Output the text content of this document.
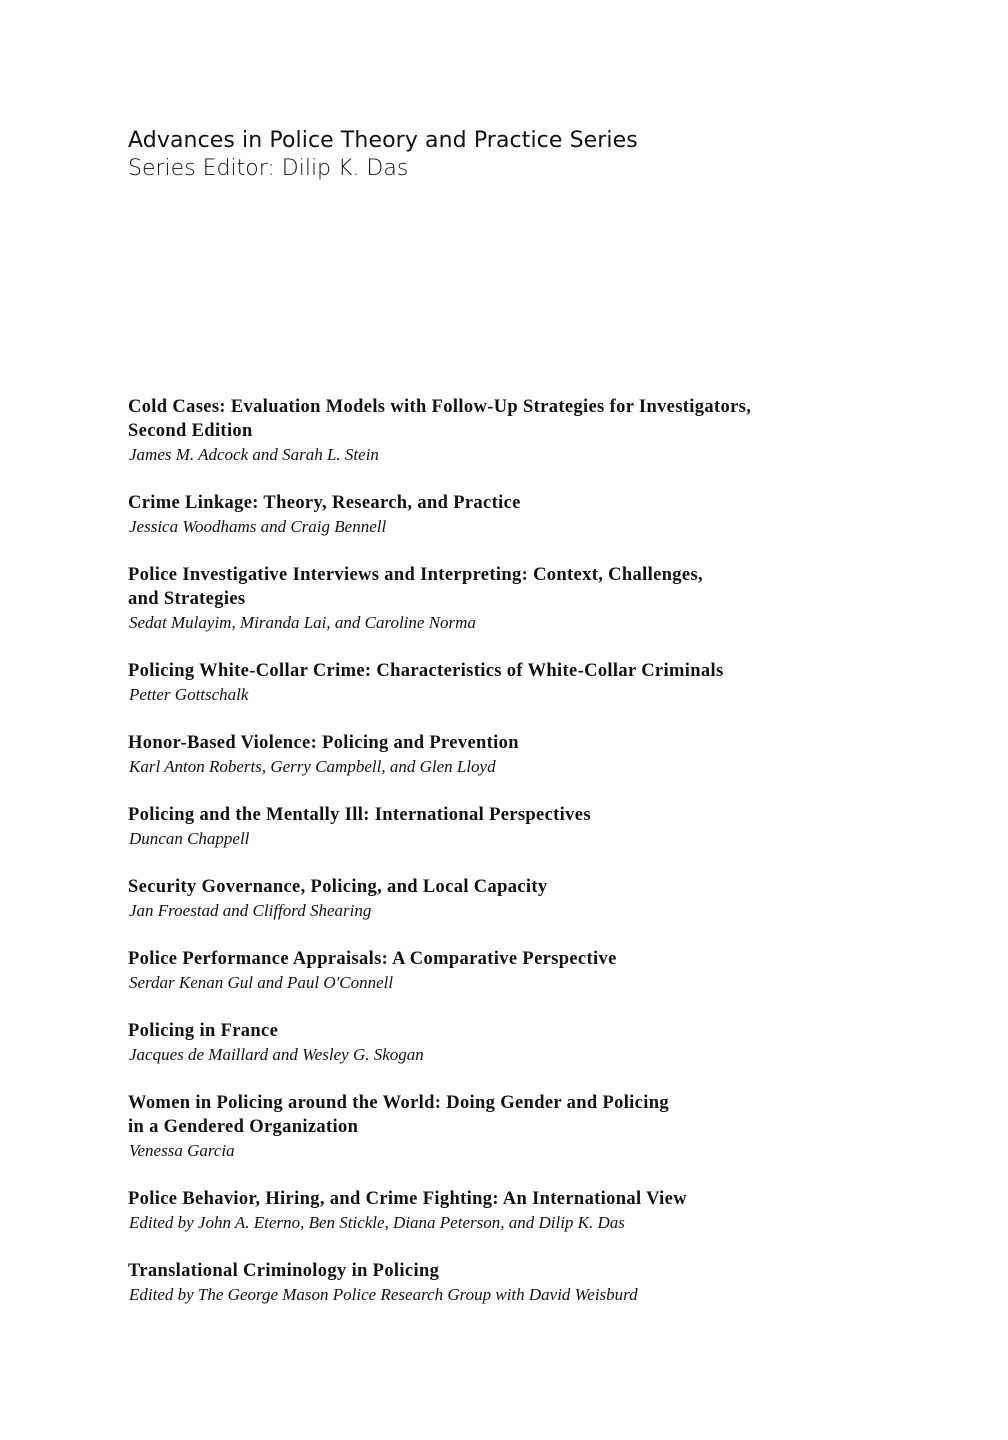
Advances in Police Theory and Practice Series

Series Editor: Dilip K. Das

Cold Cases: Evaluation Models with Follow-Up Strategies for Investigators,
Second Edition

James M. Adcock and Sarah L. Stein

Crime Linkage: Theory, Research, and Practice

Jessica Woodhams and Craig Bennell

Police Investigative Interviews and Interpreting: Context, Challenges,
and Strategies

Sedat Mulayim, Miranda Lai, and Caroline Norma

Policing White-Collar Crime: Characteristics of White-Collar Criminals

Petter Gottschalk

Honor-Based Violence: Policing and Prevention

Karl Anton Roberts, Gerry Campbell, and Glen Lloyd

Policing and the Mentally Ill: International Perspectives

Duncan Chappell

Security Governance, Policing, and Local Capacity

Jan Froestad and Clifford Shearing

Police Performance Appraisals: A Comparative Perspective

Serdar Kenan Gul and Paul O'Connell

Policing in France

Jacques de Maillard and Wesley G. Skogan

Women in Policing around the World: Doing Gender and Policing
in a Gendered Organization

Venessa Garcia

Police Behavior, Hiring, and Crime Fighting: An International View

Edited by John A. Eterno, Ben Stickle, Diana Peterson, and Dilip K. Das

Translational Criminology in Policing

Edited by The George Mason Police Research Group with David Weisburd
